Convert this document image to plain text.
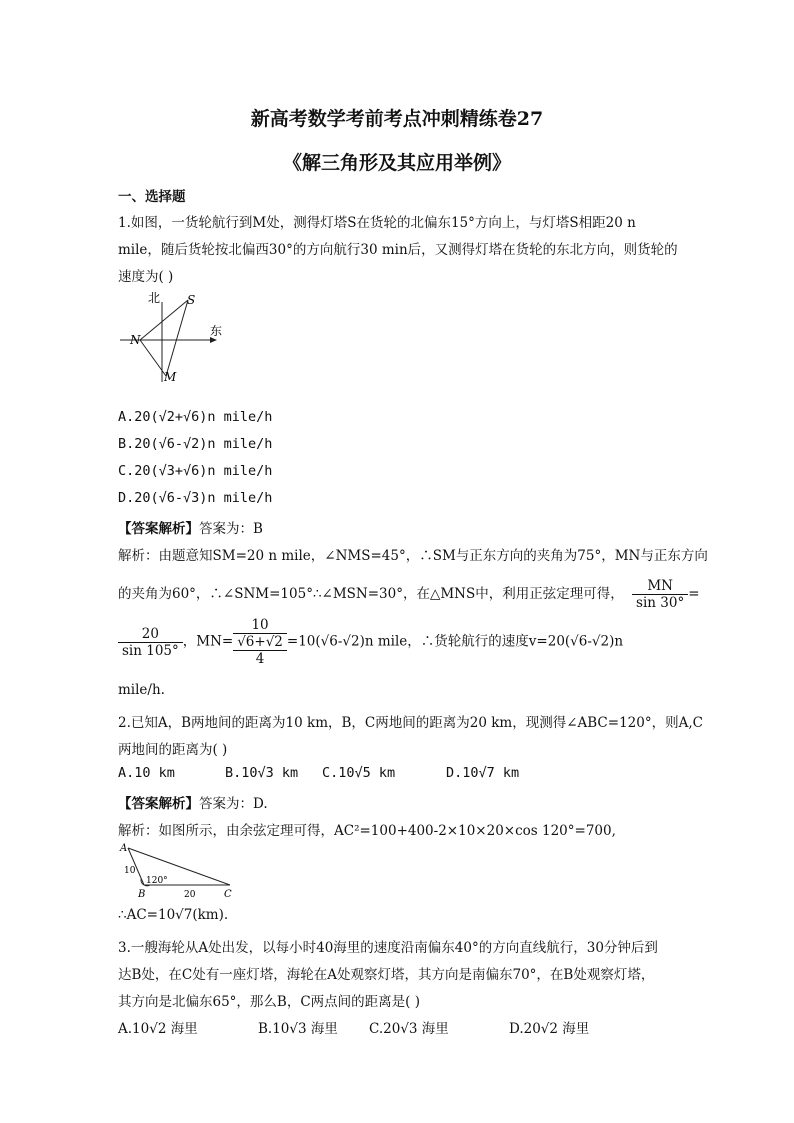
新高考数学考前考点冲刺精练卷27
《解三角形及其应用举例》
一、选择题
1.如图，一货轮航行到M处，测得灯塔S在货轮的北偏东15°方向上，与灯塔S相距20 n
mile，随后货轮按北偏西30°的方向航行30 min后，又测得灯塔在货轮的东北方向，则货轮的
速度为( )
北
东
S
N
M
A.20(√2+√6)n mile/h
B.20(√6-√2)n mile/h
C.20(√3+√6)n mile/h
D.20(√6-√3)n mile/h
【答案解析】答案为：B
解析：由题意知SM=20 n mile，∠NMS=45°，∴SM与正东方向的夹角为75°，MN与正东方向
的夹角为60°，∴∠SNM=105°∴∠MSN=30°，在△MNS中，利用正弦定理可得， $\frac{MN}{\sin 30^\circ}$ =
$\frac{20}{\sin 105^\circ}$ ，MN=
10
√6+√2
4
=10(√6-√2)n mile，∴货轮航行的速度v=20(√6-√2)n
mile/h.
2.已知A，B两地间的距离为10 km，B，C两地间的距离为20 km，现测得∠ABC=120°，则A,C
两地间的距离为( )
A.10 km	B.10√3 km C.10√5 km	D.10√7 km
【答案解析】答案为：D.
解析：如图所示，由余弦定理可得，AC²=100+400-2×10×20×cos 120°=700,
A
B	C
10
120°
20
∴AC=10√7(km).
3.一艘海轮从A处出发，以每小时40海里的速度沿南偏东40°的方向直线航行，30分钟后到
达B处，在C处有一座灯塔，海轮在A处观察灯塔，其方向是南偏东70°，在B处观察灯塔，
其方向是北偏东65°，那么B，C两点间的距离是( )
A.10√2 海里	B.10√3 海里 C.20√3 海里	D.20√2 海里
